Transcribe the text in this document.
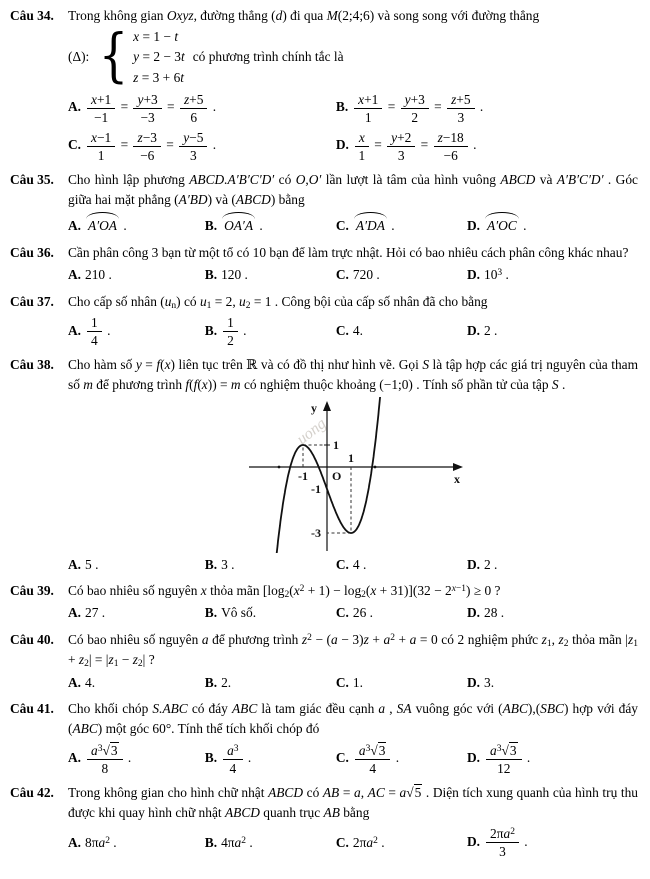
Câu 34.	Trong không gian Oxyz, đường thẳng (d) đi qua M(2;4;6) và song song với đường thẳng
(Δ): { x = 1 − t
y = 2 − 3t
z = 3 + 6t
có phương trình chính tắc là
A. $\frac{x+1}{-1} = \frac{y+3}{-3} = \frac{z+5}{6}$ .	B. $\frac{x+1}{1} = \frac{y+3}{2} = \frac{z+5}{3}$ .
C. $\frac{x-1}{1} = \frac{z-3}{-6} = \frac{y-5}{3}$ .	D. $\frac{x}{1} = \frac{y+2}{3} = \frac{z-18}{-6}$ .
Câu 35.	Cho hình lập phương ABCD.A′B′C′D′ có O,O′ lần lượt là tâm của hình vuông ABCD và A′B′C′D′ . Góc giữa hai mặt phẳng (A′BD) và (ABCD) bằng
A. A′OA .	B. OA′A .	C. A′DA .	D. A′OC .
Câu 36.	Cần phân công 3 bạn từ một tổ có 10 bạn để làm trực nhật. Hỏi có bao nhiêu cách phân công khác nhau?
A. 210 .	B. 120 .	C. 720 .	D. $10^3$ .
Câu 37.	Cho cấp số nhân $(u_n)$ có $u_1 = 2$, $u_2 = 1$ . Công bội của cấp số nhân đã cho bằng
A. $\frac{1}{4}$ .	B. $\frac{1}{2}$ .	C. 4.	D. 2 .
Câu 38.	Cho hàm số y = f(x) liên tục trên ℝ và có đồ thị như hình vẽ. Gọi S là tập hợp các giá trị nguyên của tham số m để phương trình f(f(x)) = m có nghiệm thuộc khoảng (−1;0) . Tính số phần tử của tập S .
-1
1
1
-1
-3
x
y
O
A. 5 .	B. 3 .	C. 4 .	D. 2 .
Câu 39.	Có bao nhiêu số nguyên x thỏa mãn $[\log_2(x^2 + 1) - \log_2(x + 31)](32 - 2^{x-1}) \ge 0$ ?
A. 27 .	B. Vô số.	C. 26 .	D. 28 .
Câu 40.	Có bao nhiêu số nguyên a để phương trình $z^2 - (a - 3)z + a^2 + a = 0$ có 2 nghiệm phức $z_1$, $z_2$ thỏa mãn $|z_1 + z_2| = |z_1 - z_2|$ ?
A. 4.	B. 2.	C. 1.	D. 3.
Câu 41.	Cho khối chóp S.ABC có đáy ABC là tam giác đều cạnh a , SA vuông góc với (ABC),(SBC) hợp với đáy (ABC) một góc 60°. Tính thể tích khối chóp đó
A. $\frac{a^3√3}{8}$ .	B. $\frac{a^3}{4}$ .	C. $\frac{a^3√3}{4}$ .	D. $\frac{a^3√3}{12}$ .
Câu 42.	Trong không gian cho hình chữ nhật ABCD có AB = a, AC = a√5 . Diện tích xung quanh của hình trụ thu được khi quay hình chữ nhật ABCD quanh trục AB bằng
A. $8\pi a^2$ .	B. $4\pi a^2$ .	C. $2\pi a^2$ .	D. $\frac{2\pi a^2}{3}$ .
uong
